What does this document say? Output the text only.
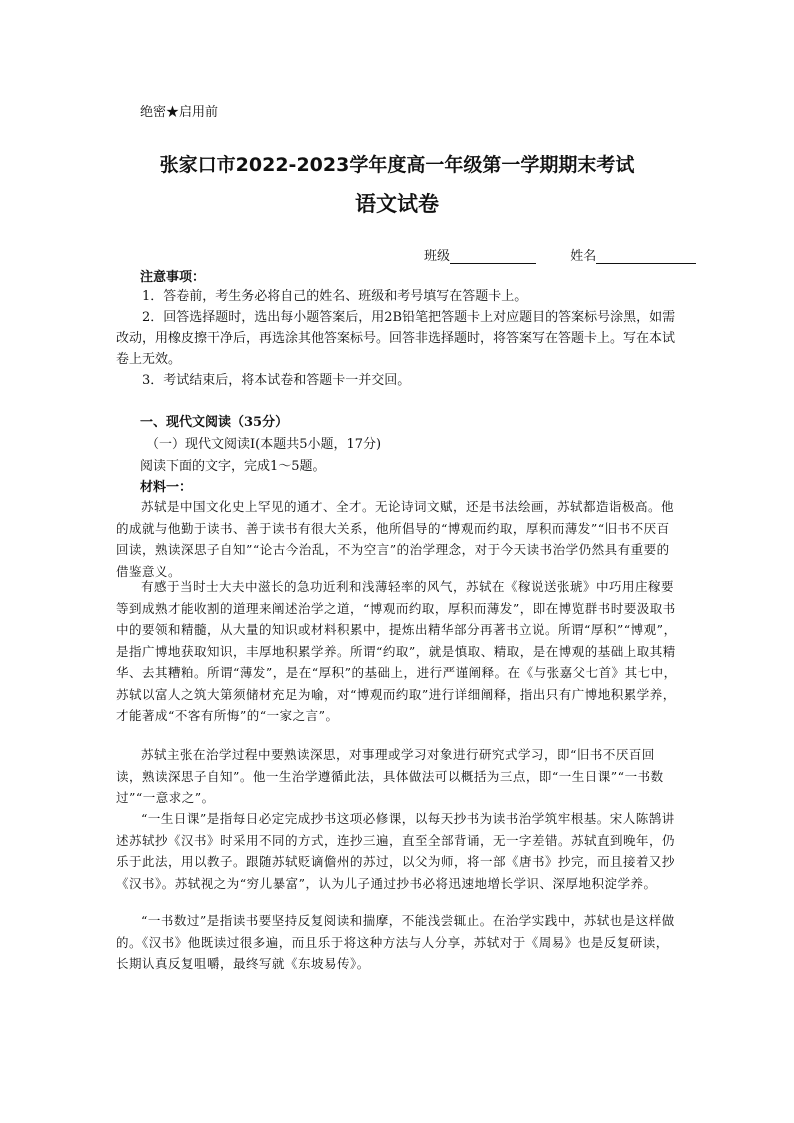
绝密★启用前
张家口市2022-2023学年度高一年级第一学期期末考试
语文试卷
班级	姓名
注意事项：
1．答卷前，考生务必将自己的姓名、班级和考号填写在答题卡上。
2．回答选择题时，选出每小题答案后，用2B铅笔把答题卡上对应题目的答案标号涂黑，如需改动，用橡皮擦干净后，再选涂其他答案标号。回答非选择题时，将答案写在答题卡上。写在本试卷上无效。
3．考试结束后，将本试卷和答题卡一并交回。
一、现代文阅读（35分）
（一）现代文阅读Ⅰ(本题共5小题，17分)
阅读下面的文字，完成1～5题。
材料一：
苏轼是中国文化史上罕见的通才、全才。无论诗词文赋，还是书法绘画，苏轼都造诣极高。他的成就与他勤于读书、善于读书有很大关系，他所倡导的“博观而约取，厚积而薄发”“旧书不厌百回读，熟读深思子自知”“论古今治乱，不为空言”的治学理念，对于今天读书治学仍然具有重要的借鉴意义。
有感于当时士大夫中滋长的急功近利和浅薄轻率的风气，苏轼在《稼说送张琥》中巧用庄稼要等到成熟才能收割的道理来阐述治学之道，“博观而约取，厚积而薄发”，即在博览群书时要汲取书中的要领和精髓，从大量的知识或材料积累中，提炼出精华部分再著书立说。所谓“厚积”“博观”，是指广博地获取知识，丰厚地积累学养。所谓“约取”，就是慎取、精取，是在博观的基础上取其精华、去其糟粕。所谓“薄发”，是在“厚积”的基础上，进行严谨阐释。在《与张嘉父七首》其七中，苏轼以富人之筑大第须储材充足为喻，对“博观而约取”进行详细阐释，指出只有广博地积累学养，才能著成“不客有所悔”的“一家之言”。
苏轼主张在治学过程中要熟读深思，对事理或学习对象进行研究式学习，即“旧书不厌百回读，熟读深思子自知”。他一生治学遵循此法，具体做法可以概括为三点，即“一生日课”“一书数过”“一意求之”。
“一生日课”是指每日必定完成抄书这项必修课，以每天抄书为读书治学筑牢根基。宋人陈鹄讲述苏轼抄《汉书》时采用不同的方式，连抄三遍，直至全部背诵，无一字差错。苏轼直到晚年，仍乐于此法，用以教子。跟随苏轼贬谪儋州的苏过，以父为师，将一部《唐书》抄完，而且接着又抄《汉书》。苏轼视之为“穷儿暴富”，认为儿子通过抄书必将迅速地增长学识、深厚地积淀学养。
“一书数过”是指读书要坚持反复阅读和揣摩，不能浅尝辄止。在治学实践中，苏轼也是这样做的。《汉书》他既读过很多遍，而且乐于将这种方法与人分享，苏轼对于《周易》也是反复研读，长期认真反复咀嚼，最终写就《东坡易传》。
